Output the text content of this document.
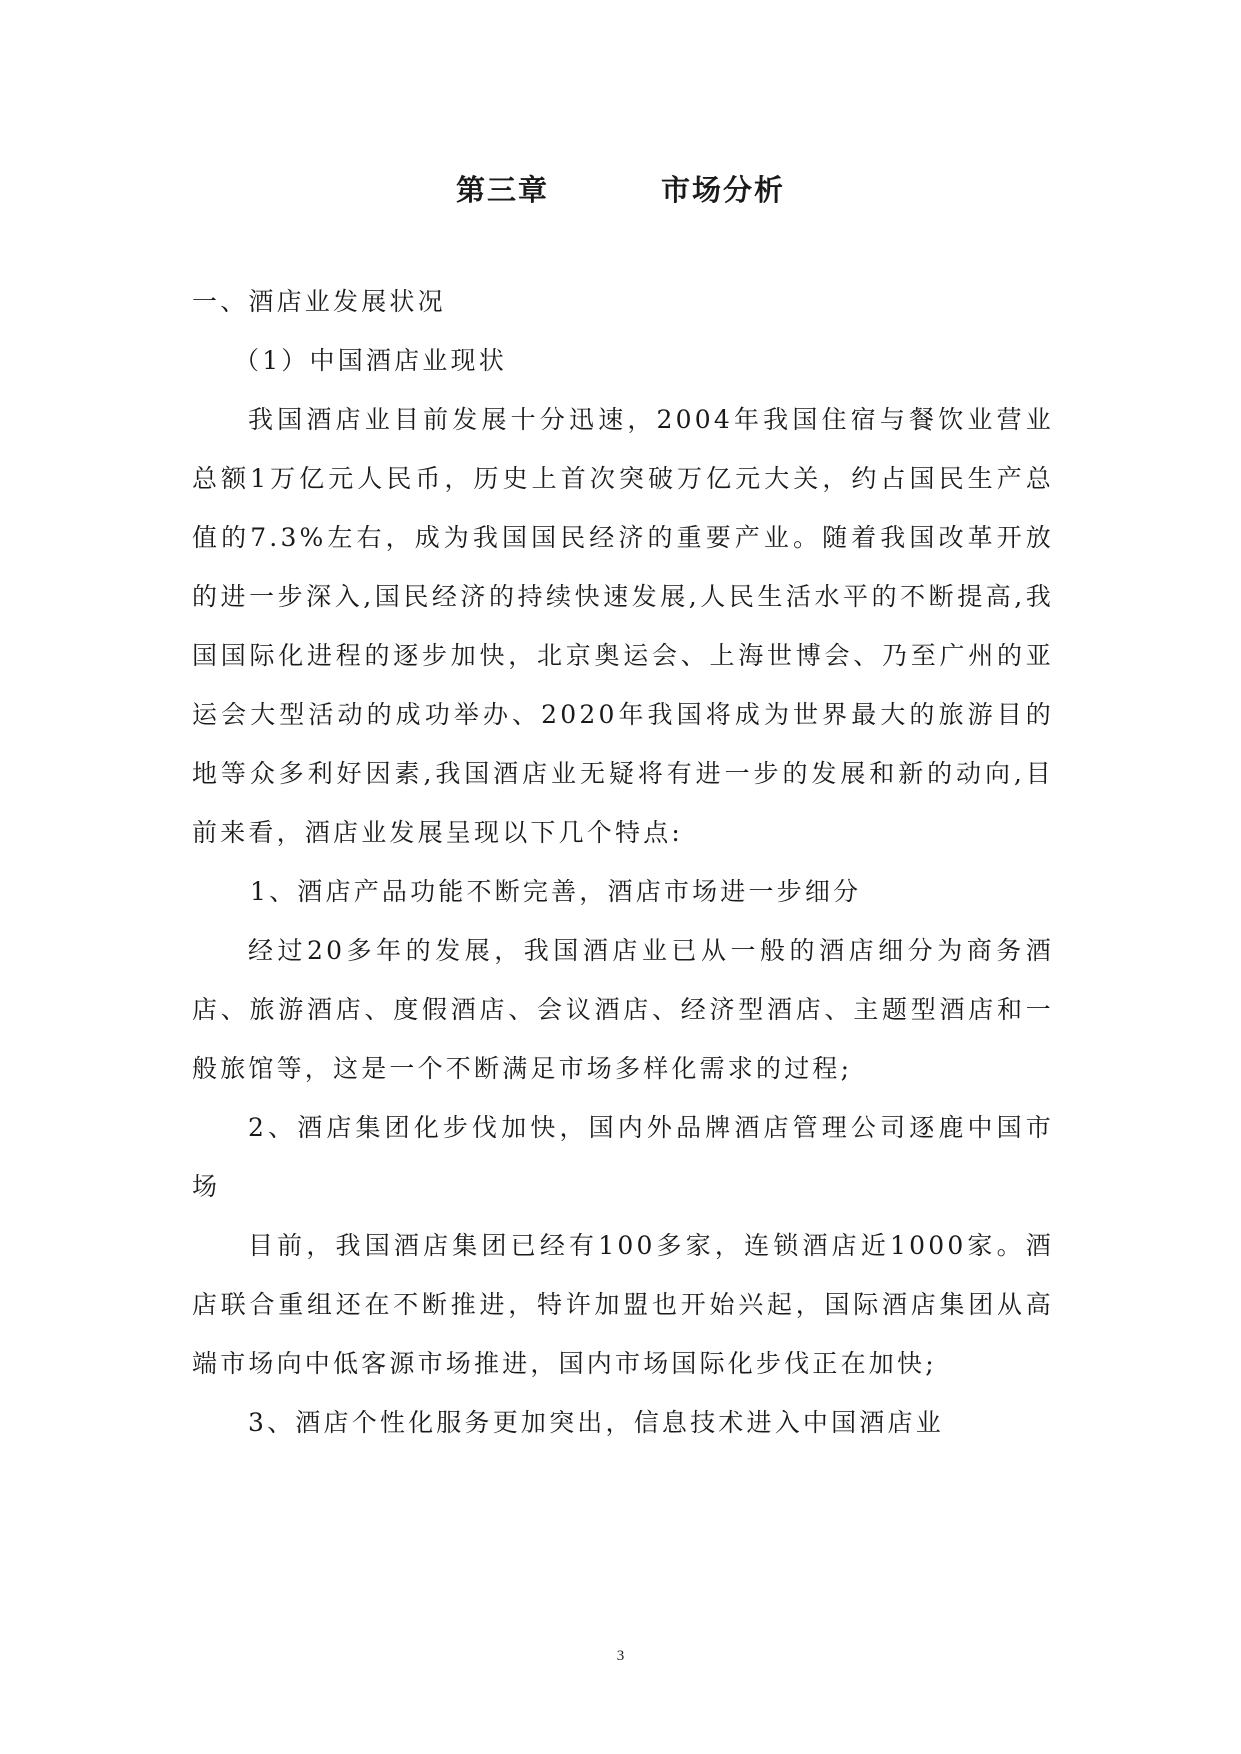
第三章	市场分析

一、酒店业发展状况

（1）中国酒店业现状

我国酒店业目前发展十分迅速，2004年我国住宿与餐饮业营业总额1万亿元人民币，历史上首次突破万亿元大关，约占国民生产总值的7.3%左右，成为我国国民经济的重要产业。随着我国改革开放的进一步深入,国民经济的持续快速发展,人民生活水平的不断提高,我国国际化进程的逐步加快，北京奥运会、上海世博会、乃至广州的亚运会大型活动的成功举办、2020年我国将成为世界最大的旅游目的地等众多利好因素,我国酒店业无疑将有进一步的发展和新的动向,目前来看，酒店业发展呈现以下几个特点:

1、酒店产品功能不断完善，酒店市场进一步细分

经过20多年的发展，我国酒店业已从一般的酒店细分为商务酒店、旅游酒店、度假酒店、会议酒店、经济型酒店、主题型酒店和一般旅馆等，这是一个不断满足市场多样化需求的过程;

2、酒店集团化步伐加快，国内外品牌酒店管理公司逐鹿中国市场

目前，我国酒店集团已经有100多家，连锁酒店近1000家。酒店联合重组还在不断推进，特许加盟也开始兴起，国际酒店集团从高端市场向中低客源市场推进，国内市场国际化步伐正在加快;

3、酒店个性化服务更加突出，信息技术进入中国酒店业

3
